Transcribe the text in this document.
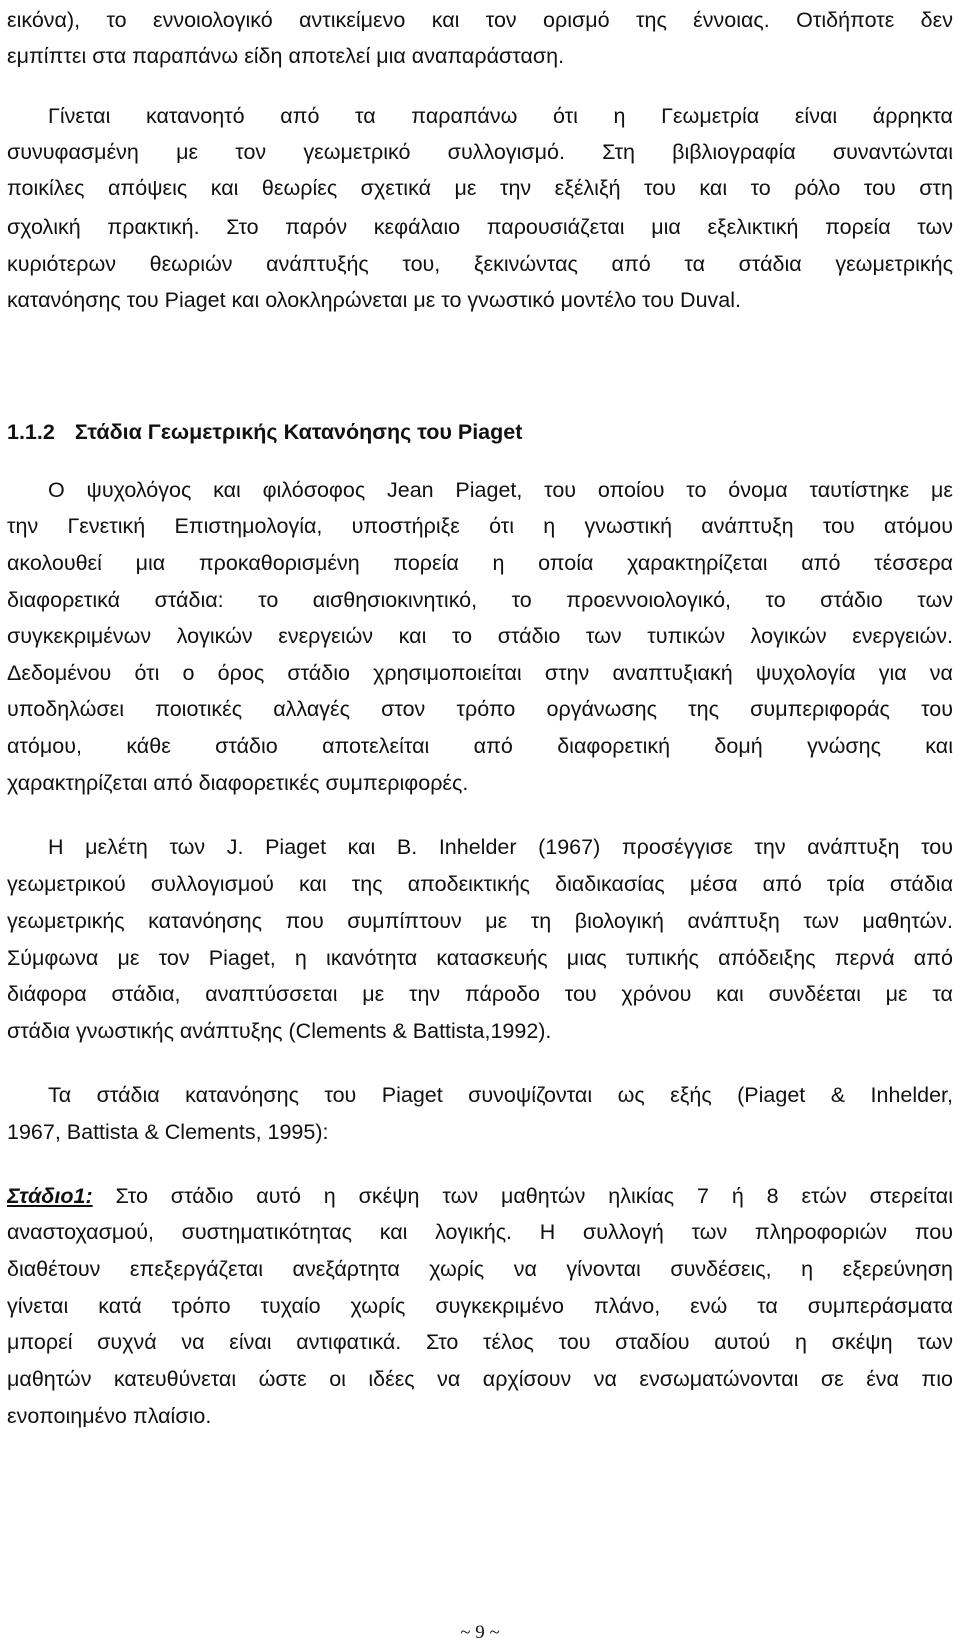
εικόνα), το εννοιολογικό αντικείμενο και τον ορισμό της έννοιας. Οτιδήποτε δεν
εμπίπτει στα παραπάνω είδη αποτελεί μια αναπαράσταση.
Γίνεται κατανοητό από τα παραπάνω ότι η Γεωμετρία είναι άρρηκτα
συνυφασμένη με τον γεωμετρικό συλλογισμό. Στη βιβλιογραφία συναντώνται
ποικίλες απόψεις και θεωρίες σχετικά με την εξέλιξή του και το ρόλο του στη
σχολική πρακτική. Στο παρόν κεφάλαιο παρουσιάζεται μια εξελικτική πορεία των
κυριότερων θεωριών ανάπτυξής του, ξεκινώντας από τα στάδια γεωμετρικής
κατανόησης του Piaget και ολοκληρώνεται με το γνωστικό μοντέλο του Duval.
1.1.2 Στάδια Γεωμετρικής Κατανόησης του Piaget
Ο ψυχολόγος και φιλόσοφος Jean Piaget, του οποίου το όνομα ταυτίστηκε με
την Γενετική Επιστημολογία, υποστήριξε ότι η γνωστική ανάπτυξη του ατόμου
ακολουθεί μια προκαθορισμένη πορεία η οποία χαρακτηρίζεται από τέσσερα
διαφορετικά στάδια: το αισθησιοκινητικό, το προεννοιολογικό, το στάδιο των
συγκεκριμένων λογικών ενεργειών και το στάδιο των τυπικών λογικών ενεργειών.
Δεδομένου ότι ο όρος στάδιο χρησιμοποιείται στην αναπτυξιακή ψυχολογία για να
υποδηλώσει ποιοτικές αλλαγές στον τρόπο οργάνωσης της συμπεριφοράς του
ατόμου, κάθε στάδιο αποτελείται από διαφορετική δομή γνώσης και
χαρακτηρίζεται από διαφορετικές συμπεριφορές.
Η μελέτη των J. Piaget και B. Inhelder (1967) προσέγγισε την ανάπτυξη του
γεωμετρικού συλλογισμού και της αποδεικτικής διαδικασίας μέσα από τρία στάδια
γεωμετρικής κατανόησης που συμπίπτουν με τη βιολογική ανάπτυξη των μαθητών.
Σύμφωνα με τον Piaget, η ικανότητα κατασκευής μιας τυπικής απόδειξης περνά από
διάφορα στάδια, αναπτύσσεται με την πάροδο του χρόνου και συνδέεται με τα
στάδια γνωστικής ανάπτυξης (Clements & Battista,1992).
Τα στάδια κατανόησης του Piaget συνοψίζονται ως εξής (Piaget & Inhelder,
1967, Battista & Clements, 1995):
Στάδιο1: Στο στάδιο αυτό η σκέψη των μαθητών ηλικίας 7 ή 8 ετών στερείται
αναστοχασμού, συστηματικότητας και λογικής. Η συλλογή των πληροφοριών που
διαθέτουν επεξεργάζεται ανεξάρτητα χωρίς να γίνονται συνδέσεις, η εξερεύνηση
γίνεται κατά τρόπο τυχαίο χωρίς συγκεκριμένο πλάνο, ενώ τα συμπεράσματα
μπορεί συχνά να είναι αντιφατικά. Στο τέλος του σταδίου αυτού η σκέψη των
μαθητών κατευθύνεται ώστε οι ιδέες να αρχίσουν να ενσωματώνονται σε ένα πιο
ενοποιημένο πλαίσιο.
~ 9 ~
